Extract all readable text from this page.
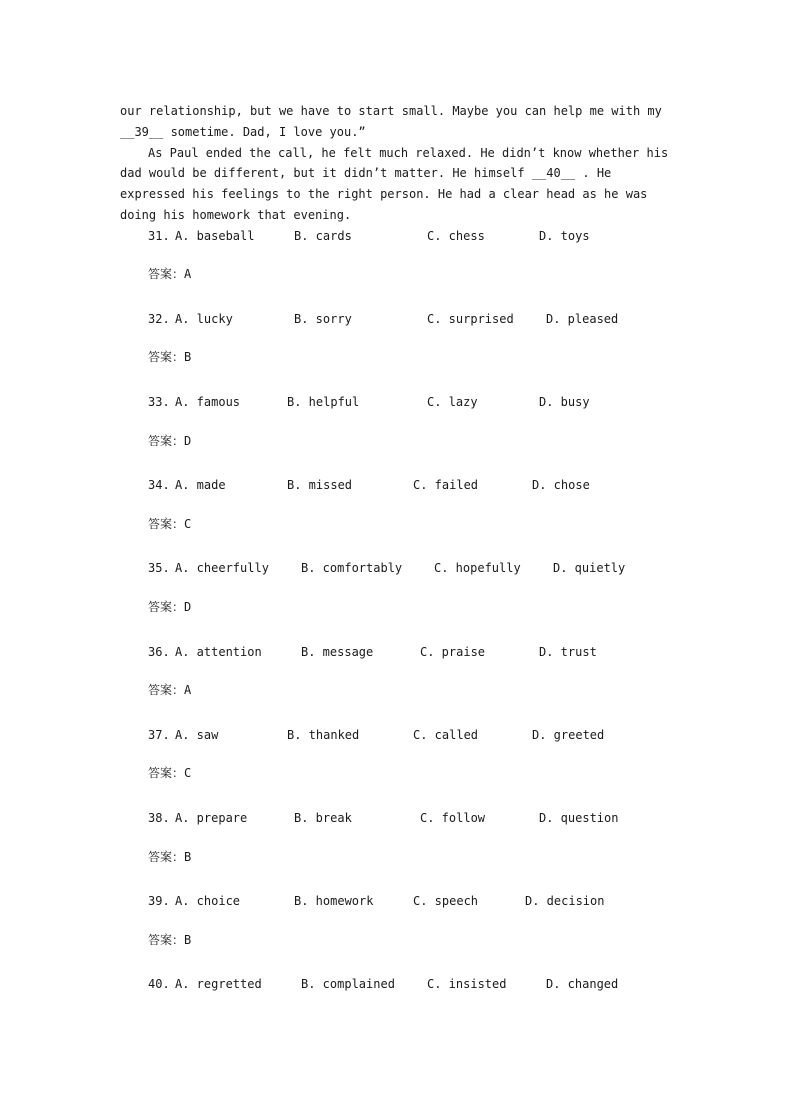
our relationship, but we have to start small. Maybe you can help me with my
__39__ sometime. Dad, I love you.”
As Paul ended the call, he felt much relaxed. He didn’t know whether his
dad would be different, but it didn’t matter. He himself __40__ . He
expressed his feelings to the right person. He had a clear head as he was
doing his homework that evening.
31. A. baseball	B. cards	C. chess	D. toys
答案：A
32. A. lucky	B. sorry	C. surprised	D. pleased
答案：B
33. A. famous	B. helpful	C. lazy	D. busy
答案：D
34. A. made	B. missed	C. failed	D. chose
答案：C
35. A. cheerfully	B. comfortably	C. hopefully	D. quietly
答案：D
36. A. attention	B. message	C. praise	D. trust
答案：A
37. A. saw	B. thanked	C. called	D. greeted
答案：C
38. A. prepare	B. break	C. follow	D. question
答案：B
39. A. choice	B. homework	C. speech	D. decision
答案：B
40. A. regretted	B. complained	C. insisted	D. changed
